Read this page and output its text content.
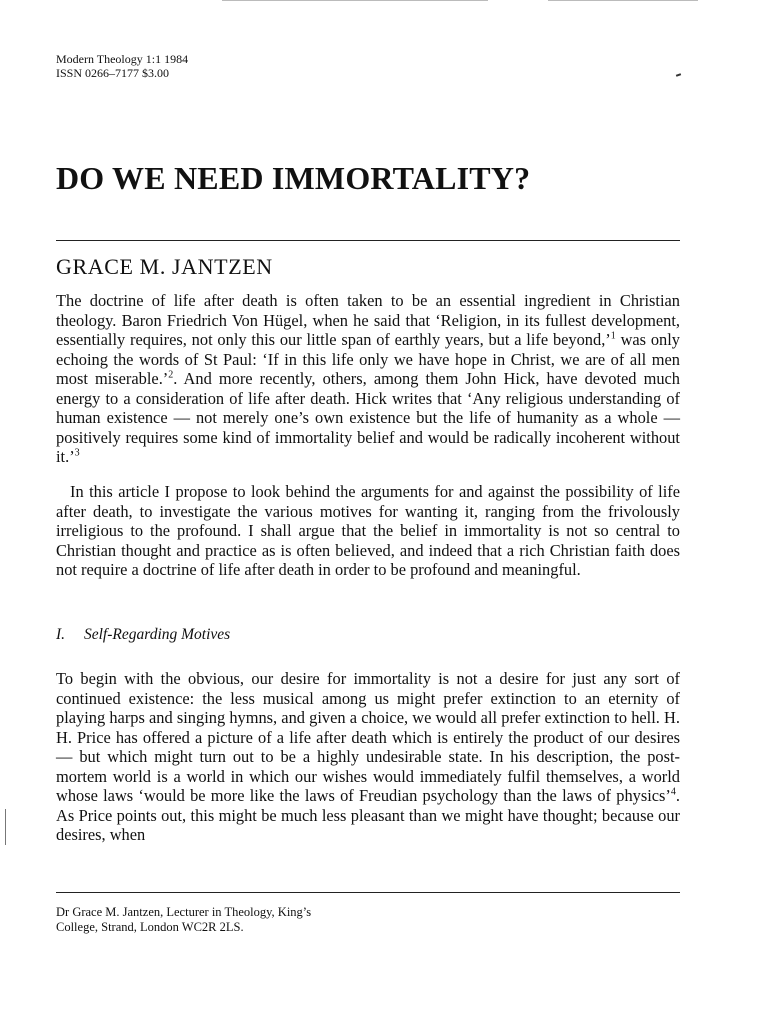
Modern Theology 1:1 1984
ISSN 0266–7177 $3.00
DO WE NEED IMMORTALITY?
GRACE M. JANTZEN

The doctrine of life after death is often taken to be an essential ingredient in Christian theology. Baron Friedrich Von Hügel, when he said that ‘Religion, in its fullest development, essentially requires, not only this our little span of earthly years, but a life beyond,’$^1$ was only echoing the words of St Paul: ‘If in this life only we have hope in Christ, we are of all men most miserable.’$^2$. And more recently, others, among them John Hick, have devoted much energy to a consideration of life after death. Hick writes that ‘Any religious understanding of human existence — not merely one’s own existence but the life of humanity as a whole — positively requires some kind of immortality belief and would be radically incoherent without it.’$^3$

In this article I propose to look behind the arguments for and against the possibility of life after death, to investigate the various motives for wanting it, ranging from the frivolously irreligious to the profound. I shall argue that the belief in immortality is not so central to Christian thought and practice as is often believed, and indeed that a rich Christian faith does not require a doctrine of life after death in order to be profound and meaningful.

I. Self-Regarding Motives

To begin with the obvious, our desire for immortality is not a desire for just any sort of continued existence: the less musical among us might prefer extinction to an eternity of playing harps and singing hymns, and given a choice, we would all prefer extinction to hell. H. H. Price has offered a picture of a life after death which is entirely the product of our desires — but which might turn out to be a highly undesirable state. In his description, the post-mortem world is a world in which our wishes would immediately fulfil themselves, a world whose laws ‘would be more like the laws of Freudian psychology than the laws of physics’$^4$. As Price points out, this might be much less pleasant than we might have thought; because our desires, when

Dr Grace M. Jantzen, Lecturer in Theology, King’s
College, Strand, London WC2R 2LS.
